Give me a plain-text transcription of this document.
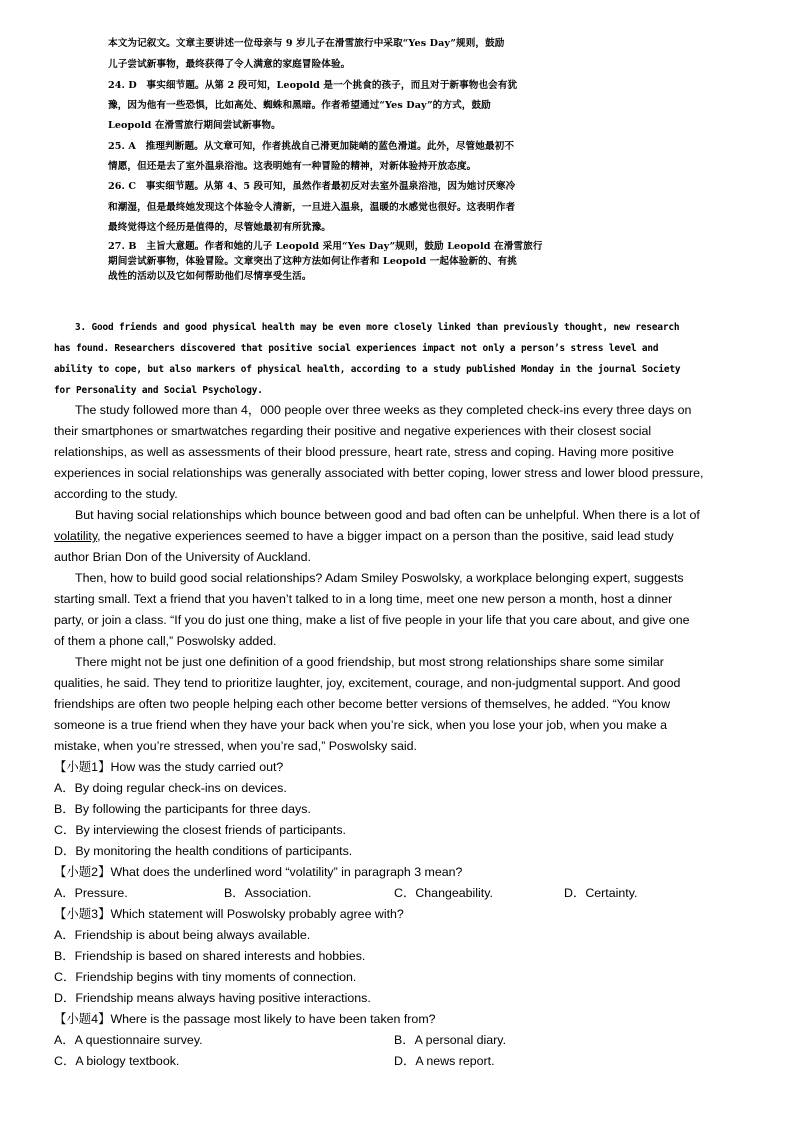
本文为记叙文。文章主要讲述一位母亲与 9 岁儿子在滑雪旅行中采取“Yes Day”规则，鼓励
儿子尝试新事物，最终获得了令人满意的家庭冒险体验。
24. D　事实细节题。从第 2 段可知，Leopold 是一个挑食的孩子，而且对于新事物也会有犹
豫，因为他有一些恐惧，比如高处、蜘蛛和黑暗。作者希望通过“Yes Day”的方式，鼓励
Leopold 在滑雪旅行期间尝试新事物。
25. A　推理判断题。从文章可知，作者挑战自己滑更加陡峭的蓝色滑道。此外，尽管她最初不
情愿，但还是去了室外温泉浴池。这表明她有一种冒险的精神，对新体验持开放态度。
26. C　事实细节题。从第 4、5 段可知，虽然作者最初反对去室外温泉浴池，因为她讨厌寒冷
和潮湿，但是最终她发现这个体验令人清新，一旦进入温泉，温暖的水感觉也很好。这表明作者
最终觉得这个经历是值得的，尽管她最初有所犹豫。
27. B　主旨大意题。作者和她的儿子 Leopold 采用“Yes Day”规则，鼓励 Leopold 在滑雪旅行
期间尝试新事物，体验冒险。文章突出了这种方法如何让作者和 Leopold 一起体验新的、有挑
战性的活动以及它如何帮助他们尽情享受生活。
3. Good friends and good physical health may be even more closely linked than previously thought, new research
has found. Researchers discovered that positive social experiences impact not only a person’s stress level and
ability to cope, but also markers of physical health, according to a study published Monday in the journal Society
for Personality and Social Psychology.
The study followed more than 4，000 people over three weeks as they completed check-ins every three days on
their smartphones or smartwatches regarding their positive and negative experiences with their closest social
relationships, as well as assessments of their blood pressure, heart rate, stress and coping. Having more positive
experiences in social relationships was generally associated with better coping, lower stress and lower blood pressure,
according to the study.
But having social relationships which bounce between good and bad often can be unhelpful. When there is a lot of
volatility, the negative experiences seemed to have a bigger impact on a person than the positive, said lead study
author Brian Don of the University of Auckland.
Then, how to build good social relationships? Adam Smiley Poswolsky, a workplace belonging expert, suggests
starting small. Text a friend that you haven’t talked to in a long time, meet one new person a month, host a dinner
party, or join a class. “If you do just one thing, make a list of five people in your life that you care about, and give one
of them a phone call,” Poswolsky added.
There might not be just one definition of a good friendship, but most strong relationships share some similar
qualities, he said. They tend to prioritize laughter, joy, excitement, courage, and non-judgmental support. And good
friendships are often two people helping each other become better versions of themselves, he added. “You know
someone is a true friend when they have your back when you’re sick, when you lose your job, when you make a
mistake, when you’re stressed, when you’re sad,” Poswolsky said.
【小题1】How was the study carried out?
A．By doing regular check-ins on devices.
B．By following the participants for three days.
C．By interviewing the closest friends of participants.
D．By monitoring the health conditions of participants.
【小题2】What does the underlined word “volatility” in paragraph 3 mean?
A．Pressure.	B．Association.	C．Changeability.	D．Certainty.
【小题3】Which statement will Poswolsky probably agree with?
A．Friendship is about being always available.
B．Friendship is based on shared interests and hobbies.
C．Friendship begins with tiny moments of connection.
D．Friendship means always having positive interactions.
【小题4】Where is the passage most likely to have been taken from?
A．A questionnaire survey.	B．A personal diary.
C．A biology textbook.	D．A news report.
